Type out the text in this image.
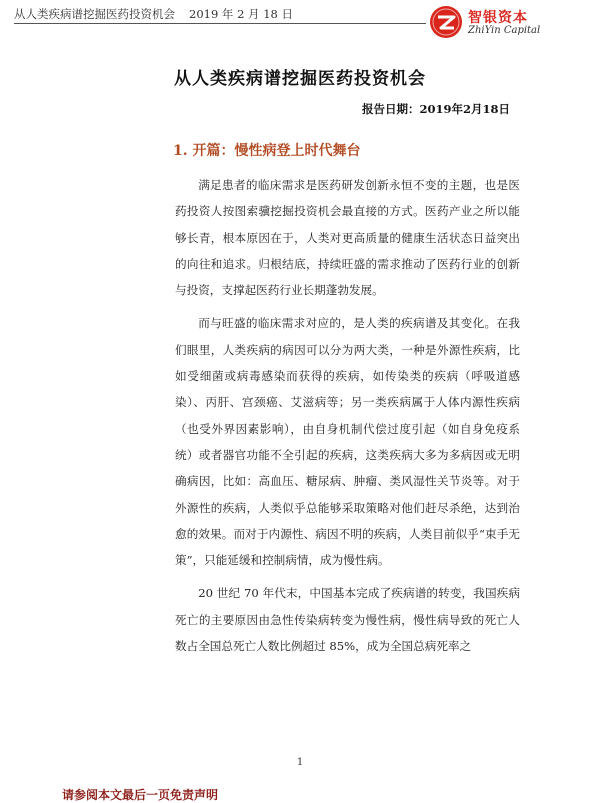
从人类疾病谱挖掘医药投资机会 2019 年 2 月 18 日	智银资本
ZhiYin Capital
从人类疾病谱挖掘医药投资机会
报告日期：2019年2月18日
1. 开篇：慢性病登上时代舞台

满足患者的临床需求是医药研发创新永恒不变的主题，也是医药投资人按图索骥挖掘投资机会最直接的方式。医药产业之所以能够长青，根本原因在于，人类对更高质量的健康生活状态日益突出的向往和追求。归根结底，持续旺盛的需求推动了医药行业的创新与投资，支撑起医药行业长期蓬勃发展。

而与旺盛的临床需求对应的，是人类的疾病谱及其变化。在我们眼里，人类疾病的病因可以分为两大类，一种是外源性疾病，比如受细菌或病毒感染而获得的疾病，如传染类的疾病（呼吸道感染）、丙肝、宫颈癌、艾滋病等；另一类疾病属于人体内源性疾病（也受外界因素影响），由自身机制代偿过度引起（如自身免疫系统）或者器官功能不全引起的疾病，这类疾病大多为多病因或无明确病因，比如：高血压、糖尿病、肿瘤、类风湿性关节炎等。对于外源性的疾病，人类似乎总能够采取策略对他们赶尽杀绝，达到治愈的效果。而对于内源性、病因不明的疾病，人类目前似乎“束手无策”，只能延缓和控制病情，成为慢性病。

20 世纪 70 年代末，中国基本完成了疾病谱的转变，我国疾病死亡的主要原因由急性传染病转变为慢性病，慢性病导致的死亡人数占全国总死亡人数比例超过 85%，成为全国总病死率之

1
请参阅本文最后一页免责声明
